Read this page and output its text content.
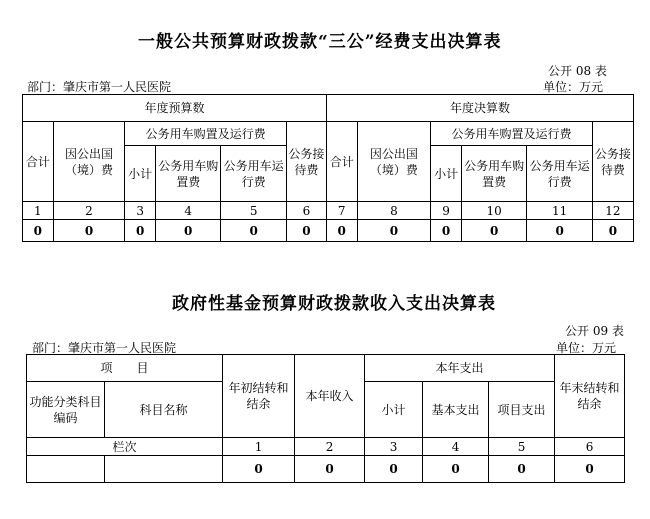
一般公共预算财政拨款“三公”经费支出决算表
公开 08 表
部门：肇庆市第一人民医院	单位：万元
年度预算数						年度决算数					
合计	因公出国（境）费	公务用车购置及运行费			公务接待费	合计	因公出国（境）费	公务用车购置及运行费			公务接待费
		小计	公务用车购置费	公务用车运行费				小计	公务用车购置费	公务用车运行费	
1	2	3	4	5	6	7	8	9	10	11	12
0	0	0	0	0	0	0	0	0	0	0	0
政府性基金预算财政拨款收入支出决算表
公开 09 表
部门：肇庆市第一人民医院	单位：万元
项　　目		年初结转和结余	本年收入	本年支出			年末结转和结余
功能分类科目编码	科目名称			小计	基本支出	项目支出	
栏次		1	2	3	4	5	6
		0	0	0	0	0	0
